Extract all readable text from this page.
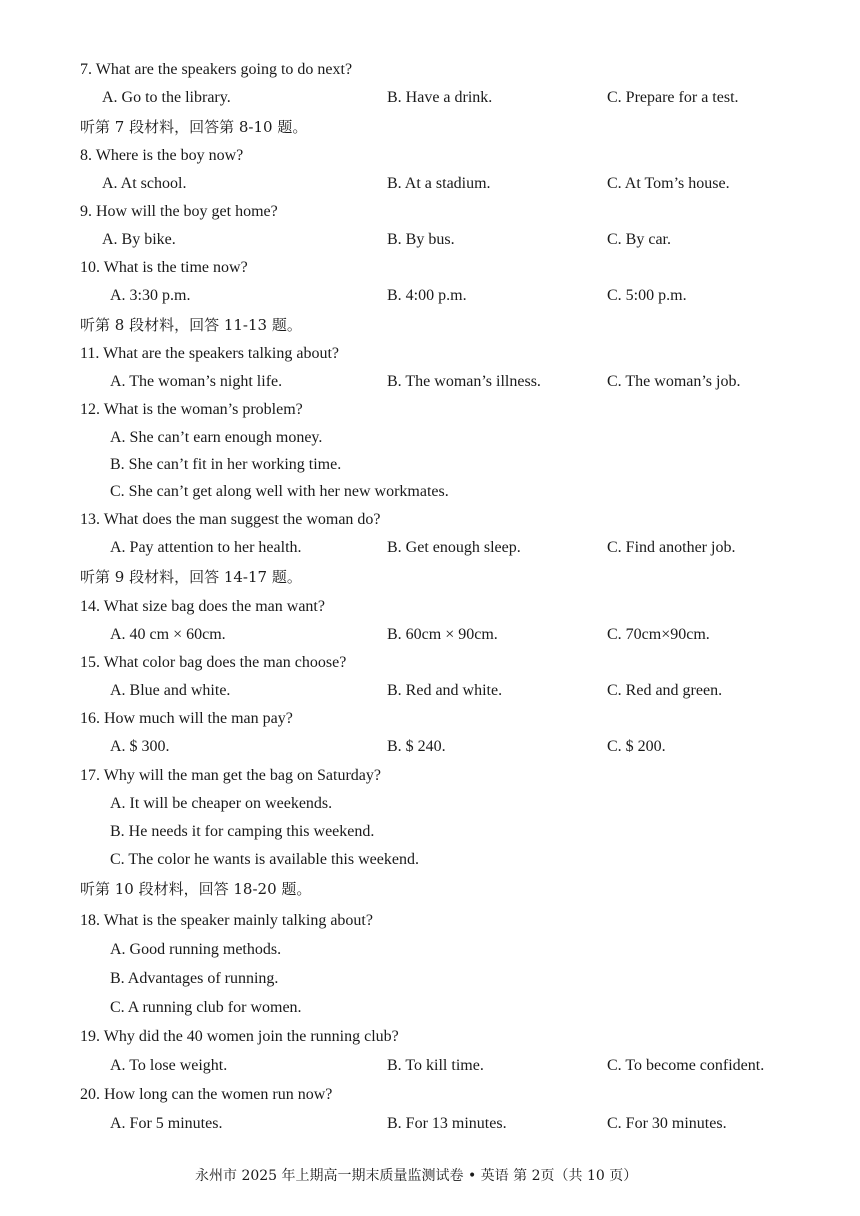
7. What are the speakers going to do next?
A. Go to the library.	B. Have a drink.	C. Prepare for a test.
听第 7 段材料，回答第 8-10 题。
8. Where is the boy now?
A. At school.	B. At a stadium.	C. At Tom’s house.
9. How will the boy get home?
A. By bike.	B. By bus.	C. By car.
10. What is the time now?
A. 3:30 p.m.	B. 4:00 p.m.	C. 5:00 p.m.
听第 8 段材料，回答 11-13 题。
11. What are the speakers talking about?
A. The woman’s night life.	B. The woman’s illness.	C. The woman’s job.
12. What is the woman’s problem?
A. She can’t earn enough money.
B. She can’t fit in her working time.
C. She can’t get along well with her new workmates.
13. What does the man suggest the woman do?
A. Pay attention to her health.	B. Get enough sleep.	C. Find another job.
听第 9 段材料，回答 14-17 题。
14. What size bag does the man want?
A. 40 cm × 60cm.	B. 60cm × 90cm.	C. 70cm×90cm.
15. What color bag does the man choose?
A. Blue and white.	B. Red and white.	C. Red and green.
16. How much will the man pay?
A. $ 300.	B. $ 240.	C. $ 200.
17. Why will the man get the bag on Saturday?
A. It will be cheaper on weekends.
B. He needs it for camping this weekend.
C. The color he wants is available this weekend.
听第 10 段材料，回答 18-20 题。
18. What is the speaker mainly talking about?
A. Good running methods.
B. Advantages of running.
C. A running club for women.
19. Why did the 40 women join the running club?
A. To lose weight.	B. To kill time.	C. To become confident.
20. How long can the women run now?
A. For 5 minutes.	B. For 13 minutes.	C. For 30 minutes.
永州市 2025 年上期高一期末质量监测试卷 • 英语 第 2页（共 10 页）
